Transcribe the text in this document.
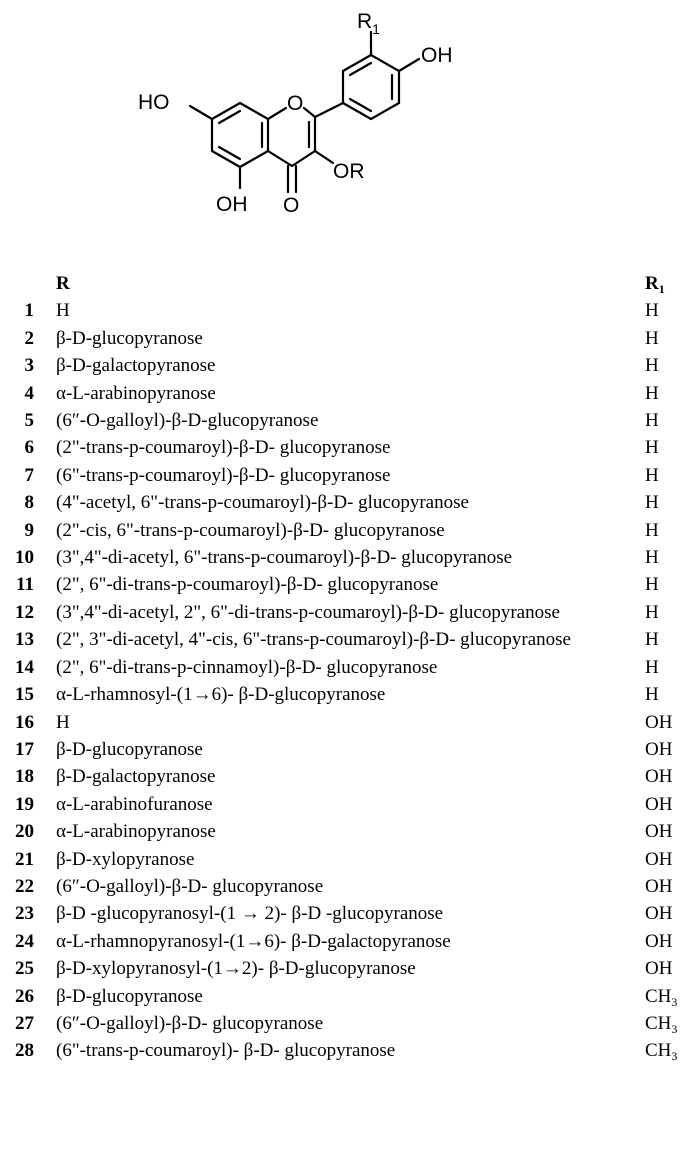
$R_1$
OH
HO	O
OR
OH O
R	$R_1$
1 H	H
2 β-D-glucopyranose	H
3 β-D-galactopyranose	H
4 α-L-arabinopyranose	H
5 (6″-O-galloyl)-β-D-glucopyranose	H
6 (2"-trans-p-coumaroyl)-β-D- glucopyranose	H
7 (6"-trans-p-coumaroyl)-β-D- glucopyranose	H
8 (4"-acetyl, 6"-trans-p-coumaroyl)-β-D- glucopyranose	H
9 (2"-cis, 6"-trans-p-coumaroyl)-β-D- glucopyranose	H
10 (3",4"-di-acetyl, 6"-trans-p-coumaroyl)-β-D- glucopyranose	H
11 (2", 6"-di-trans-p-coumaroyl)-β-D- glucopyranose	H
12 (3",4"-di-acetyl, 2", 6"-di-trans-p-coumaroyl)-β-D- glucopyranose	H
13 (2", 3"-di-acetyl, 4"-cis, 6"-trans-p-coumaroyl)-β-D- glucopyranose	H
14 (2", 6"-di-trans-p-cinnamoyl)-β-D- glucopyranose	H
15 α-L-rhamnosyl-(1→6)- β-D-glucopyranose	H
16 H	OH
17 β-D-glucopyranose	OH
18 β-D-galactopyranose	OH
19 α-L-arabinofuranose	OH
20 α-L-arabinopyranose	OH
21 β-D-xylopyranose	OH
22 (6″-O-galloyl)-β-D- glucopyranose	OH
23 β-D -glucopyranosyl-(1 → 2)- β-D -glucopyranose	OH
24 α-L-rhamnopyranosyl-(1→6)- β-D-galactopyranose	OH
25 β-D-xylopyranosyl-(1→2)- β-D-glucopyranose	OH
26 β-D-glucopyranose	$CH_3$
27 (6″-O-galloyl)-β-D- glucopyranose	$CH_3$
28 (6"-trans-p-coumaroyl)- β-D- glucopyranose	$CH_3$
